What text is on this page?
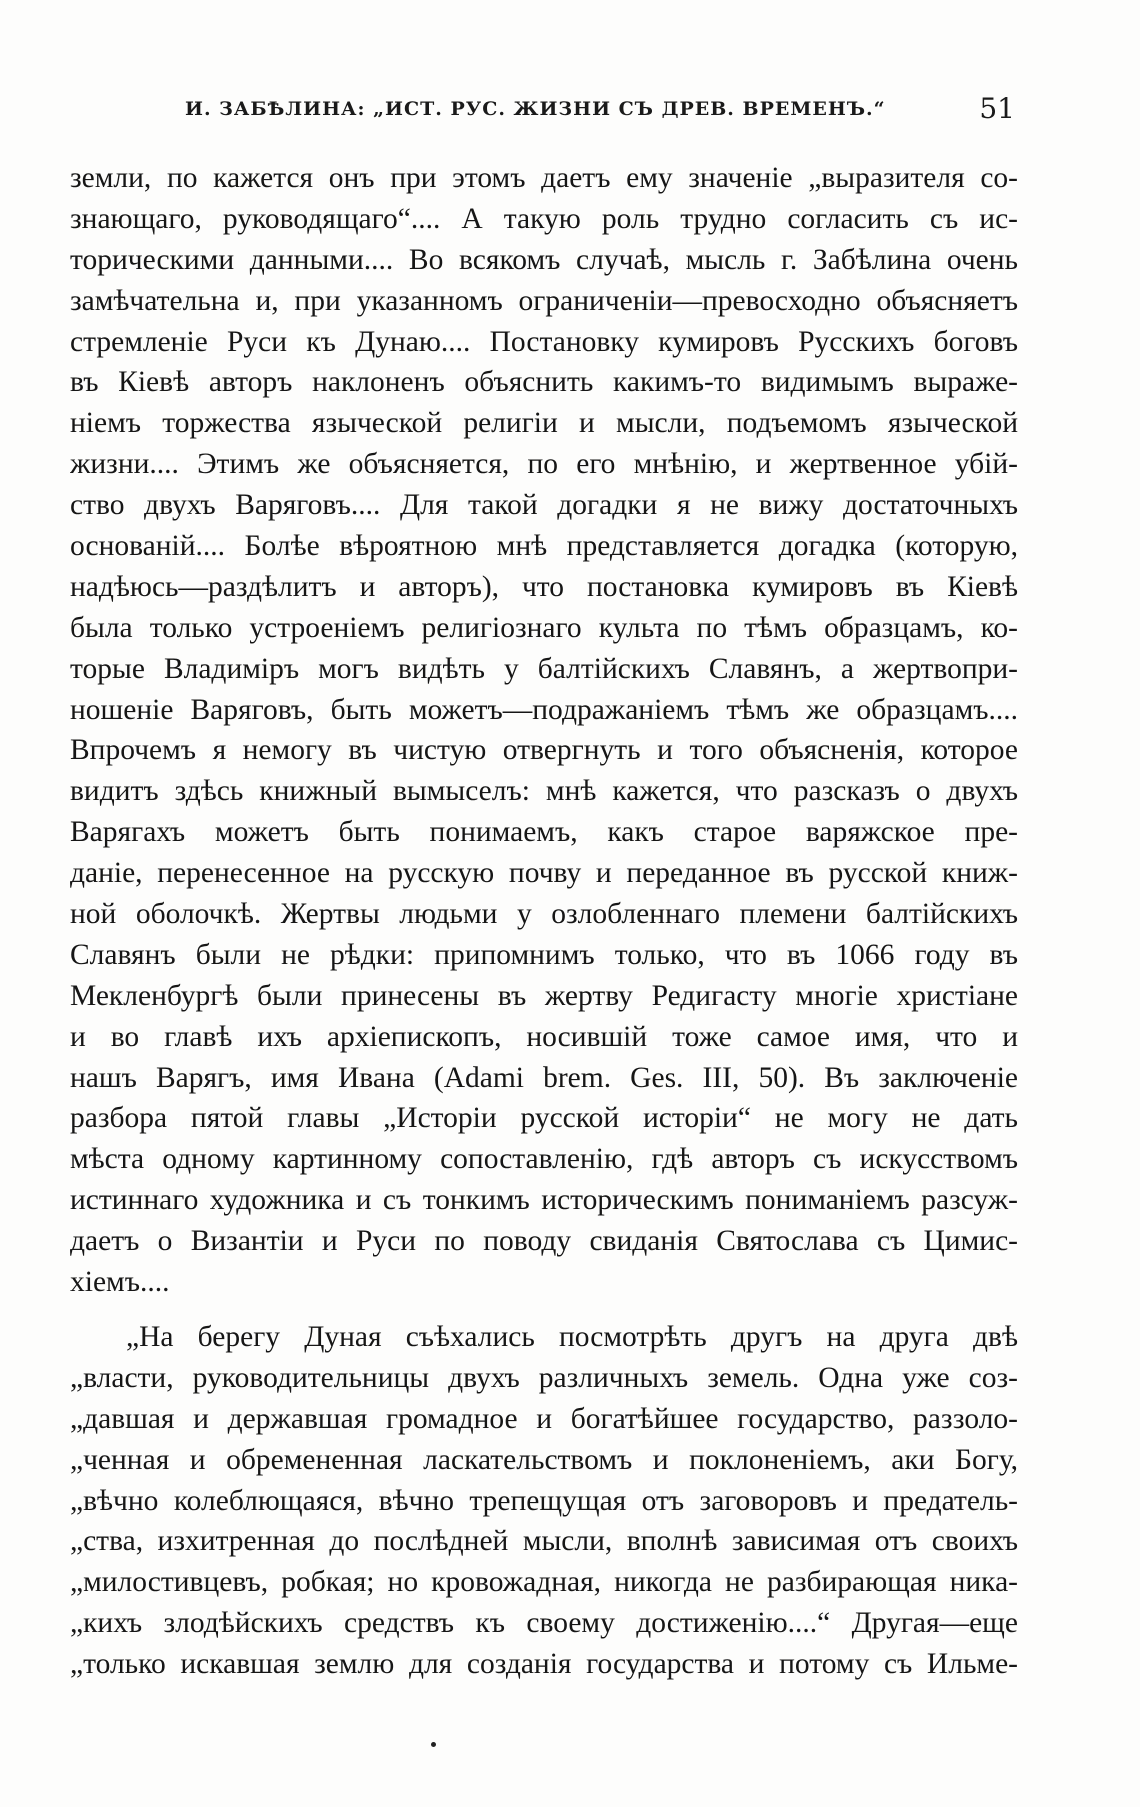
И. ЗАБѢЛИНА: „ИСТ. РУС. ЖИЗНИ СЪ ДРЕВ. ВРЕМЕНЪ.“	51
земли, по кажется онъ при этомъ даетъ ему значеніе „выразителя со-
знающаго, руководящаго“.... А такую роль трудно согласить съ ис-
торическими данными.... Во всякомъ случаѣ, мысль г. Забѣлина очень
замѣчательна и, при указанномъ ограниченіи—превосходно объясняетъ
стремленіе Руси къ Дунаю.... Постановку кумировъ Русскихъ боговъ
въ Кіевѣ авторъ наклоненъ объяснить какимъ-то видимымъ выраже-
ніемъ торжества языческой религіи и мысли, подъемомъ языческой
жизни.... Этимъ же объясняется, по его мнѣнію, и жертвенное убій-
ство двухъ Варяговъ.... Для такой догадки я не вижу достаточныхъ
основаній.... Болѣе вѣроятною мнѣ представляется догадка (которую,
надѣюсь—раздѣлитъ и авторъ), что постановка кумировъ въ Кіевѣ
была только устроеніемъ религіознаго культа по тѣмъ образцамъ, ко-
торые Владиміръ могъ видѣть у балтійскихъ Славянъ, а жертвопри-
ношеніе Варяговъ, быть можетъ—подражаніемъ тѣмъ же образцамъ....
Впрочемъ я немогу въ чистую отвергнуть и того объясненія, которое
видитъ здѣсь книжный вымыселъ: мнѣ кажется, что разсказъ о двухъ
Варягахъ можетъ быть понимаемъ, какъ старое варяжское пре-
даніе, перенесенное на русскую почву и переданное въ русской книж-
ной оболочкѣ. Жертвы людьми у озлобленнаго племени балтійскихъ
Славянъ были не рѣдки: припомнимъ только, что въ 1066 году въ
Мекленбургѣ были принесены въ жертву Редигасту многіе христіане
и во главѣ ихъ архіепископъ, носившій тоже самое имя, что и
нашъ Варягъ, имя Ивана (Adami brem. Ges. III, 50). Въ заключеніе
разбора пятой главы „Исторіи русской исторіи“ не могу не дать
мѣста одному картинному сопоставленію, гдѣ авторъ съ искусствомъ
истиннаго художника и съ тонкимъ историческимъ пониманіемъ разсуж-
даетъ о Византіи и Руси по поводу свиданія Святослава съ Цимис-
хіемъ....
„На берегу Дуная съѣхались посмотрѣть другъ на друга двѣ
„власти, руководительницы двухъ различныхъ земель. Одна уже соз-
„давшая и державшая громадное и богатѣйшее государство, раззоло-
„ченная и обремененная ласкательствомъ и поклоненіемъ, аки Богу,
„вѣчно колеблющаяся, вѣчно трепещущая отъ заговоровъ и предатель-
„ства, изхитренная до послѣдней мысли, вполнѣ зависимая отъ своихъ
„милостивцевъ, робкая; но кровожадная, никогда не разбирающая ника-
„кихъ злодѣйскихъ средствъ къ своему достиженію....“ Другая—еще
„только искавшая землю для созданія государства и потому съ Ильме-
